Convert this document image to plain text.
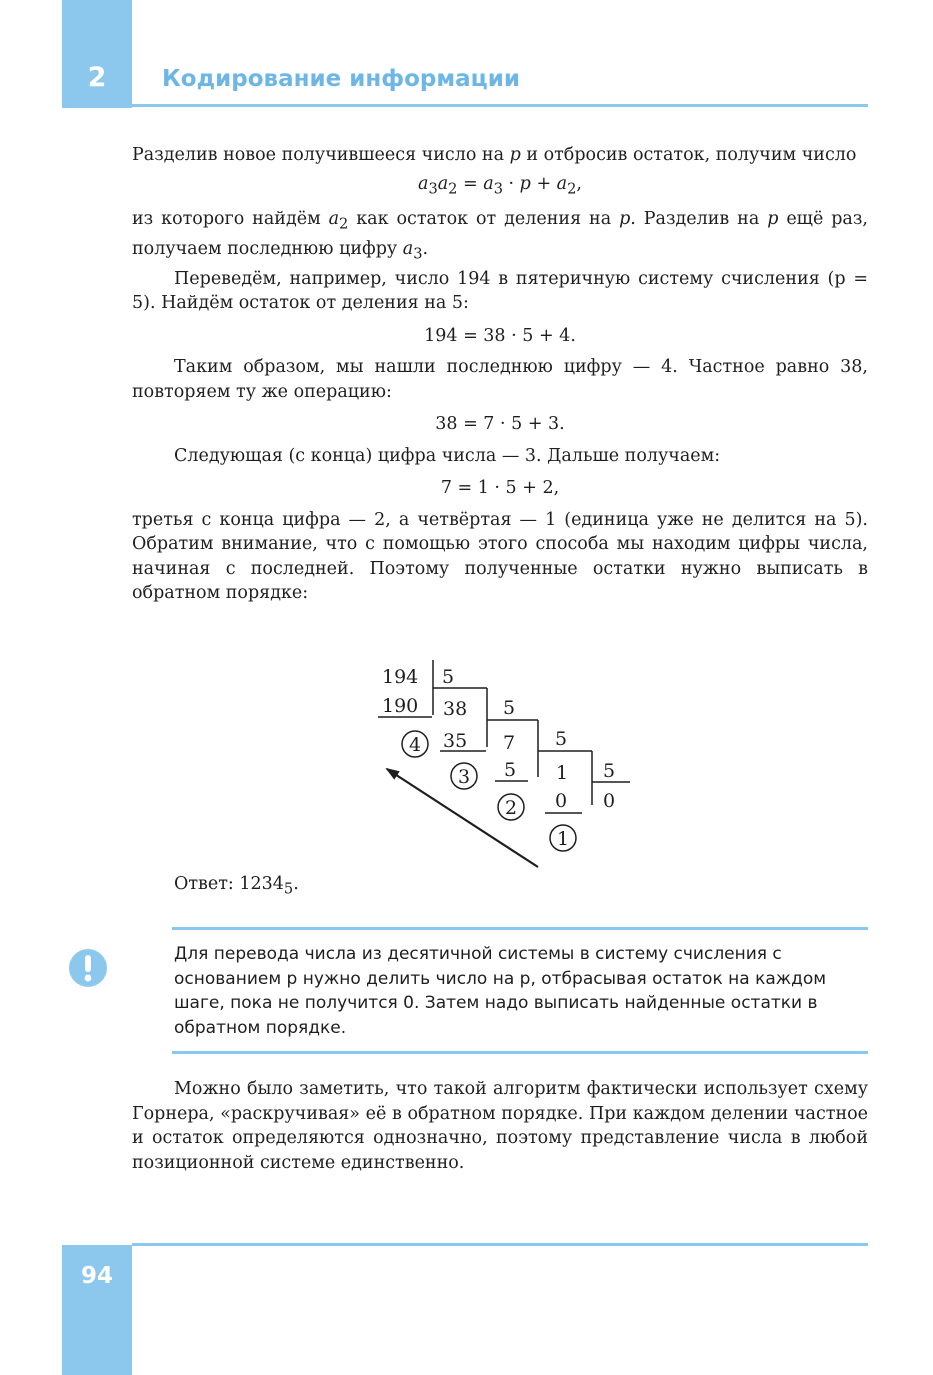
2	Кодирование информации

Разделив новое получившееся число на p и отбросив остаток, получим число

$a_3a_2 = a_3 \cdot p + a_2$,

из которого найдём $a_2$ как остаток от деления на p. Разделив на p ещё раз, получаем последнюю цифру $a_3$.

Переведём, например, число 194 в пятеричную систему счисления (p = 5). Найдём остаток от деления на 5:

194 = 38 · 5 + 4.

Таким образом, мы нашли последнюю цифру — 4. Частное равно 38, повторяем ту же операцию:

38 = 7 · 5 + 3.

Следующая (с конца) цифра числа — 3. Дальше получаем:

7 = 1 · 5 + 2,

третья с конца цифра — 2, а четвёртая — 1 (единица уже не делится на 5). Обратим внимание, что с помощью этого способа мы находим цифры числа, начиная с последней. Поэтому полученные остатки нужно выписать в обратном порядке:

194 5
190 38 5
35 7 5
5 1 5
0 0
4
3
2
1

Ответ: $1234_5$.

Для перевода числа из десятичной системы в систему счисления с основанием p нужно делить число на p, отбрасывая остаток на каждом шаге, пока не получится 0. Затем надо выписать найденные остатки в обратном порядке.

Можно было заметить, что такой алгоритм фактически использует схему Горнера, «раскручивая» её в обратном порядке. При каждом делении частное и остаток определяются однозначно, поэтому представление числа в любой позиционной системе единственно.

94
